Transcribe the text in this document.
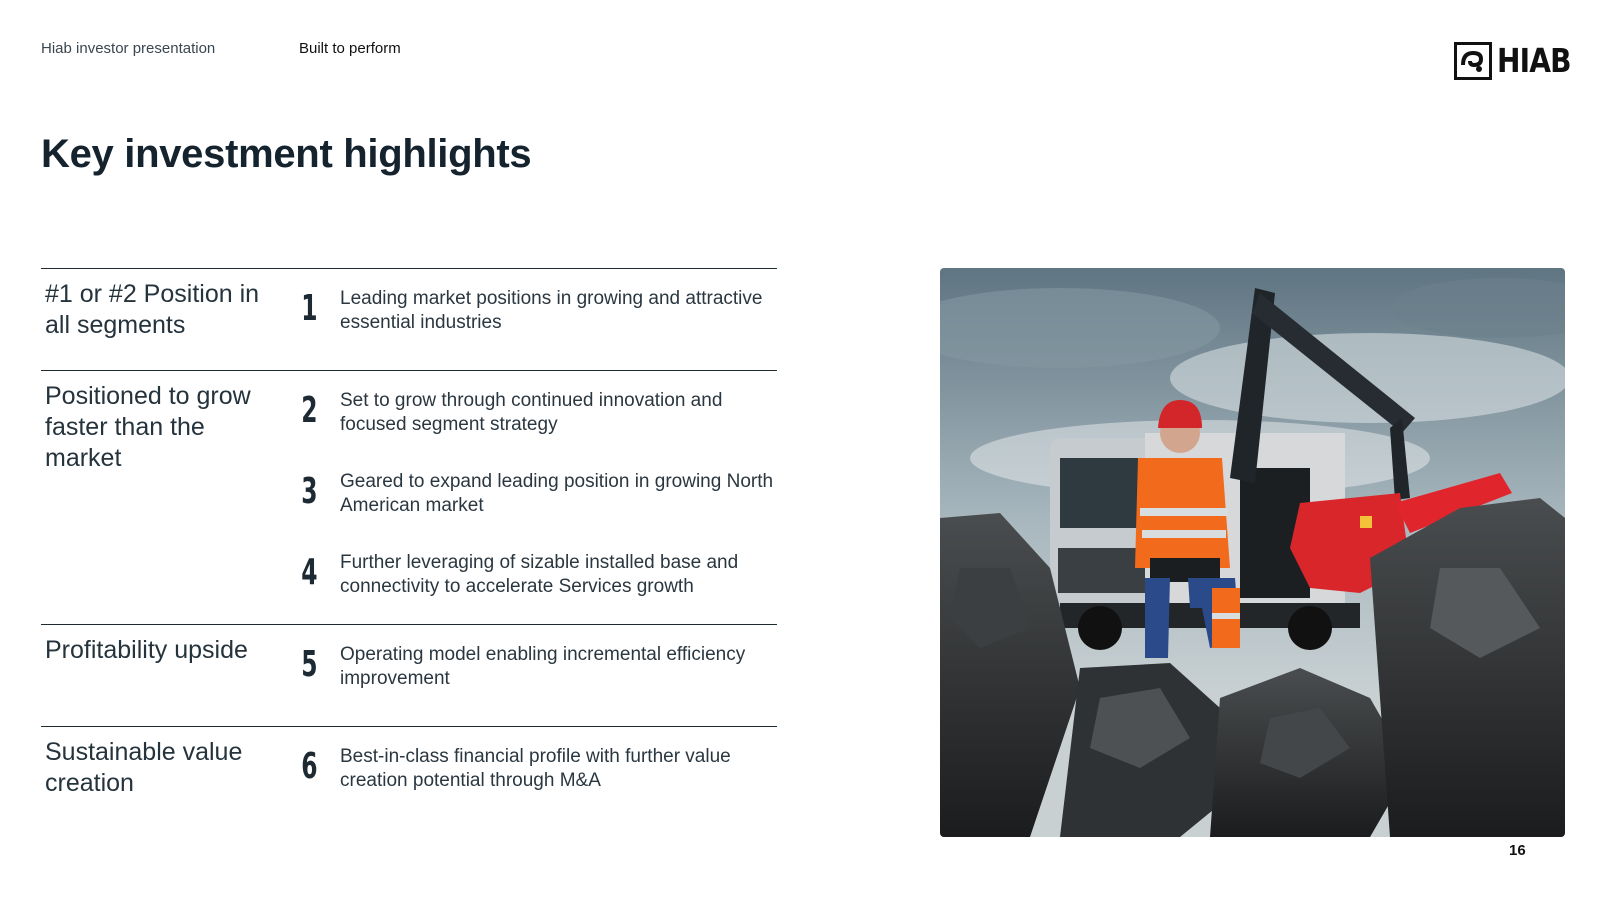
Hiab investor presentation	Built to perform	HIAB
Key investment highlights
#1 or #2 Position in all segments	1 Leading market positions in growing and attractive essential industries
Positioned to grow faster than the market
2 Set to grow through continued innovation and focused segment strategy
3 Geared to expand leading position in growing North American market
4 Further leveraging of sizable installed base and connectivity to accelerate Services growth
Profitability upside	5 Operating model enabling incremental efficiency improvement
Sustainable value creation	6 Best-in-class financial profile with further value creation potential through M&A
16
